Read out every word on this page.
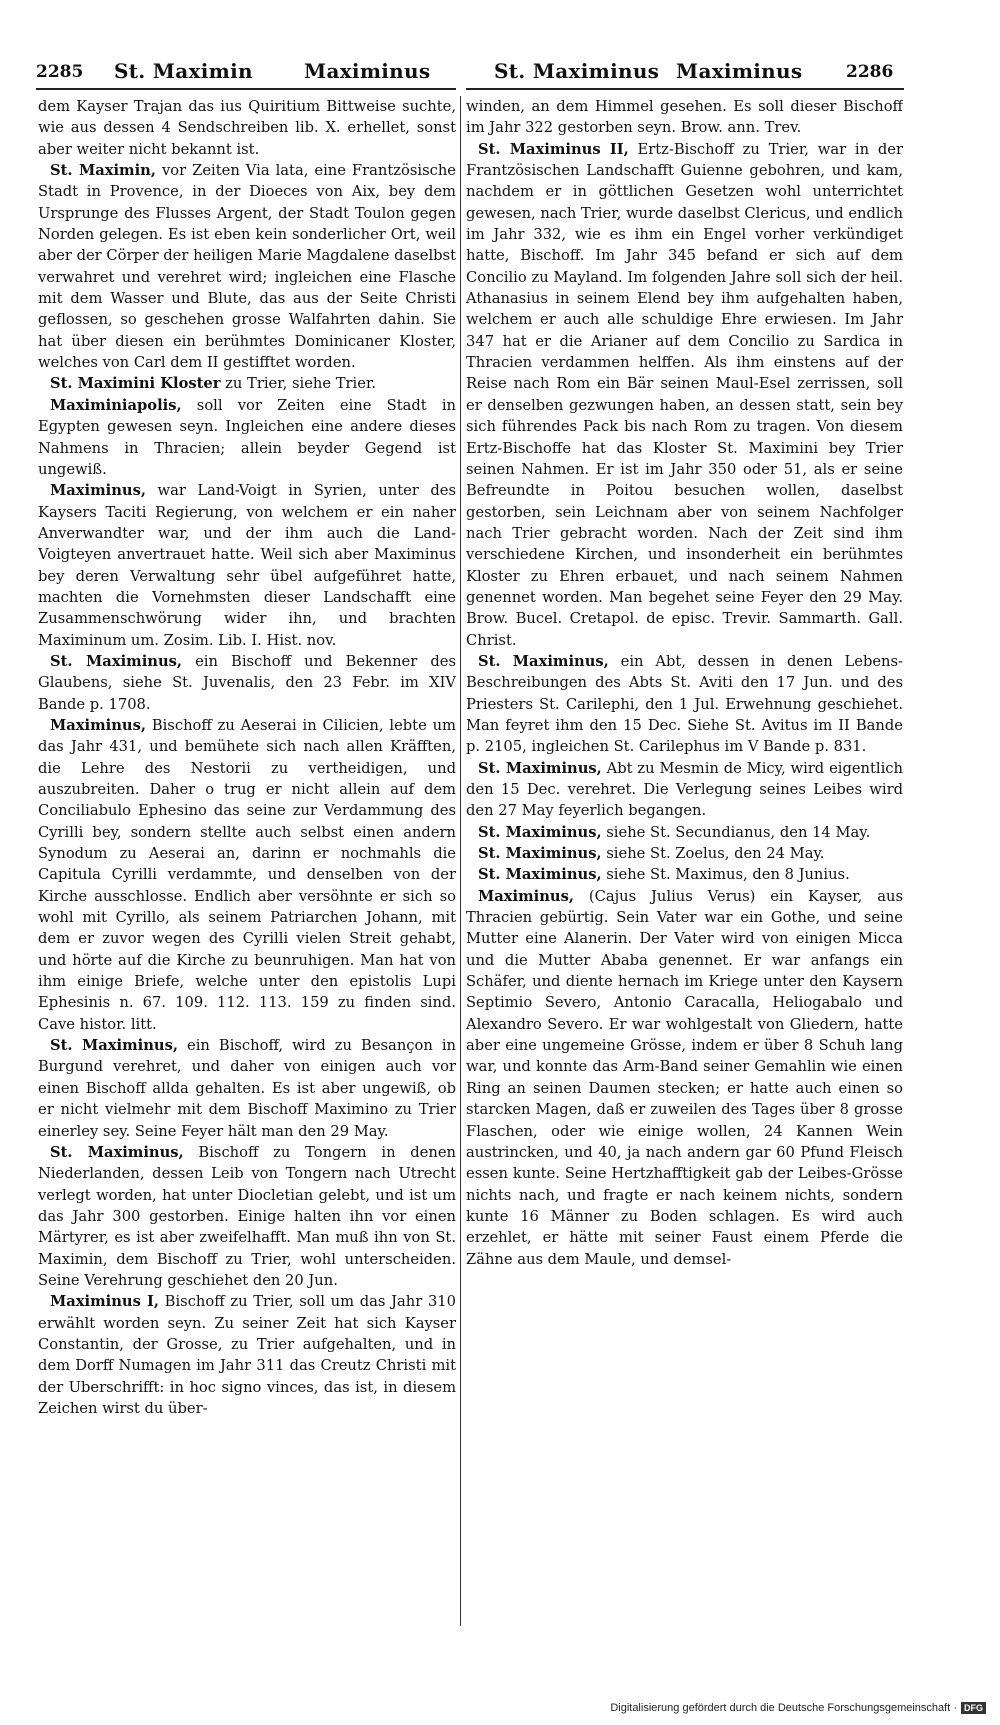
2285 St. Maximin	Maximinus	St. Maximinus Maximinus	2286

dem Kayser Trajan das ius Quiritium Bittweise suchte, wie aus dessen 4 Sendschreiben lib. X. erhellet, sonst aber weiter nicht bekannt ist.

St. Maximin, vor Zeiten Via lata, eine Frantzösische Stadt in Provence, in der Dioeces von Aix, bey dem Ursprunge des Flusses Argent, der Stadt Toulon gegen Norden gelegen. Es ist eben kein sonderlicher Ort, weil aber der Cörper der heiligen Marie Magdalene daselbst verwahret und verehret wird; ingleichen eine Flasche mit dem Wasser und Blute, das aus der Seite Christi geflossen, so geschehen grosse Walfahrten dahin. Sie hat über diesen ein berühmtes Dominicaner Kloster, welches von Carl dem II gestifftet worden.

St. Maximini Kloster zu Trier, siehe Trier.

Maximiniapolis, soll vor Zeiten eine Stadt in Egypten gewesen seyn. Ingleichen eine andere dieses Nahmens in Thracien; allein beyder Gegend ist ungewiß.

Maximinus, war Land-Voigt in Syrien, unter des Kaysers Taciti Regierung, von welchem er ein naher Anverwandter war, und der ihm auch die Land-Voigteyen anvertrauet hatte. Weil sich aber Maximinus bey deren Verwaltung sehr übel aufgeführet hatte, machten die Vornehmsten dieser Landschafft eine Zusammenschwörung wider ihn, und brachten Maximinum um. Zosim. Lib. I. Hist. nov.

St. Maximinus, ein Bischoff und Bekenner des Glaubens, siehe St. Juvenalis, den 23 Febr. im XIV Bande p. 1708.

Maximinus, Bischoff zu Aeserai in Cilicien, lebte um das Jahr 431, und bemühete sich nach allen Kräfften, die Lehre des Nestorii zu vertheidigen, und auszubreiten. Daher o trug er nicht allein auf dem Conciliabulo Ephesino das seine zur Verdammung des Cyrilli bey, sondern stellte auch selbst einen andern Synodum zu Aeserai an, darinn er nochmahls die Capitula Cyrilli verdammte, und denselben von der Kirche ausschlosse. Endlich aber versöhnte er sich so wohl mit Cyrillo, als seinem Patriarchen Johann, mit dem er zuvor wegen des Cyrilli vielen Streit gehabt, und hörte auf die Kirche zu beunruhigen. Man hat von ihm einige Briefe, welche unter den epistolis Lupi Ephesinis n. 67. 109. 112. 113. 159 zu finden sind. Cave histor. litt.

St. Maximinus, ein Bischoff, wird zu Besançon in Burgund verehret, und daher von einigen auch vor einen Bischoff allda gehalten. Es ist aber ungewiß, ob er nicht vielmehr mit dem Bischoff Maximino zu Trier einerley sey. Seine Feyer hält man den 29 May.

St. Maximinus, Bischoff zu Tongern in denen Niederlanden, dessen Leib von Tongern nach Utrecht verlegt worden, hat unter Diocletian gelebt, und ist um das Jahr 300 gestorben. Einige halten ihn vor einen Märtyrer, es ist aber zweifelhafft. Man muß ihn von St. Maximin, dem Bischoff zu Trier, wohl unterscheiden. Seine Verehrung geschiehet den 20 Jun.

Maximinus I, Bischoff zu Trier, soll um das Jahr 310 erwählt worden seyn. Zu seiner Zeit hat sich Kayser Constantin, der Grosse, zu Trier aufgehalten, und in dem Dorff Numagen im Jahr 311 das Creutz Christi mit der Uberschrifft: in hoc signo vinces, das ist, in diesem Zeichen wirst du über-

winden, an dem Himmel gesehen. Es soll dieser Bischoff im Jahr 322 gestorben seyn. Brow. ann. Trev.

St. Maximinus II, Ertz-Bischoff zu Trier, war in der Frantzösischen Landschafft Guienne gebohren, und kam, nachdem er in göttlichen Gesetzen wohl unterrichtet gewesen, nach Trier, wurde daselbst Clericus, und endlich im Jahr 332, wie es ihm ein Engel vorher verkündiget hatte, Bischoff. Im Jahr 345 befand er sich auf dem Concilio zu Mayland. Im folgenden Jahre soll sich der heil. Athanasius in seinem Elend bey ihm aufgehalten haben, welchem er auch alle schuldige Ehre erwiesen. Im Jahr 347 hat er die Arianer auf dem Concilio zu Sardica in Thracien verdammen helffen. Als ihm einstens auf der Reise nach Rom ein Bär seinen Maul-Esel zerrissen, soll er denselben gezwungen haben, an dessen statt, sein bey sich führendes Pack bis nach Rom zu tragen. Von diesem Ertz-Bischoffe hat das Kloster St. Maximini bey Trier seinen Nahmen. Er ist im Jahr 350 oder 51, als er seine Befreundte in Poitou besuchen wollen, daselbst gestorben, sein Leichnam aber von seinem Nachfolger nach Trier gebracht worden. Nach der Zeit sind ihm verschiedene Kirchen, und insonderheit ein berühmtes Kloster zu Ehren erbauet, und nach seinem Nahmen genennet worden. Man begehet seine Feyer den 29 May. Brow. Bucel. Cretapol. de episc. Trevir. Sammarth. Gall. Christ.

St. Maximinus, ein Abt, dessen in denen Lebens-Beschreibungen des Abts St. Aviti den 17 Jun. und des Priesters St. Carilephi, den 1 Jul. Erwehnung geschiehet. Man feyret ihm den 15 Dec. Siehe St. Avitus im II Bande p. 2105, ingleichen St. Carilephus im V Bande p. 831.

St. Maximinus, Abt zu Mesmin de Micy, wird eigentlich den 15 Dec. verehret. Die Verlegung seines Leibes wird den 27 May feyerlich begangen.

St. Maximinus, siehe St. Secundianus, den 14 May.

St. Maximinus, siehe St. Zoelus, den 24 May.

St. Maximinus, siehe St. Maximus, den 8 Junius.

Maximinus, (Cajus Julius Verus) ein Kayser, aus Thracien gebürtig. Sein Vater war ein Gothe, und seine Mutter eine Alanerin. Der Vater wird von einigen Micca und die Mutter Ababa genennet. Er war anfangs ein Schäfer, und diente hernach im Kriege unter den Kaysern Septimio Severo, Antonio Caracalla, Heliogabalo und Alexandro Severo. Er war wohlgestalt von Gliedern, hatte aber eine ungemeine Grösse, indem er über 8 Schuh lang war, und konnte das Arm-Band seiner Gemahlin wie einen Ring an seinen Daumen stecken; er hatte auch einen so starcken Magen, daß er zuweilen des Tages über 8 grosse Flaschen, oder wie einige wollen, 24 Kannen Wein austrincken, und 40, ja nach andern gar 60 Pfund Fleisch essen kunte. Seine Hertzhafftigkeit gab der Leibes-Grösse nichts nach, und fragte er nach keinem nichts, sondern kunte 16 Männer zu Boden schlagen. Es wird auch erzehlet, er hätte mit seiner Faust einem Pferde die Zähne aus dem Maule, und demsel-

Digitalisierung gefördert durch die Deutsche Forschungsgemeinschaft · DFG
